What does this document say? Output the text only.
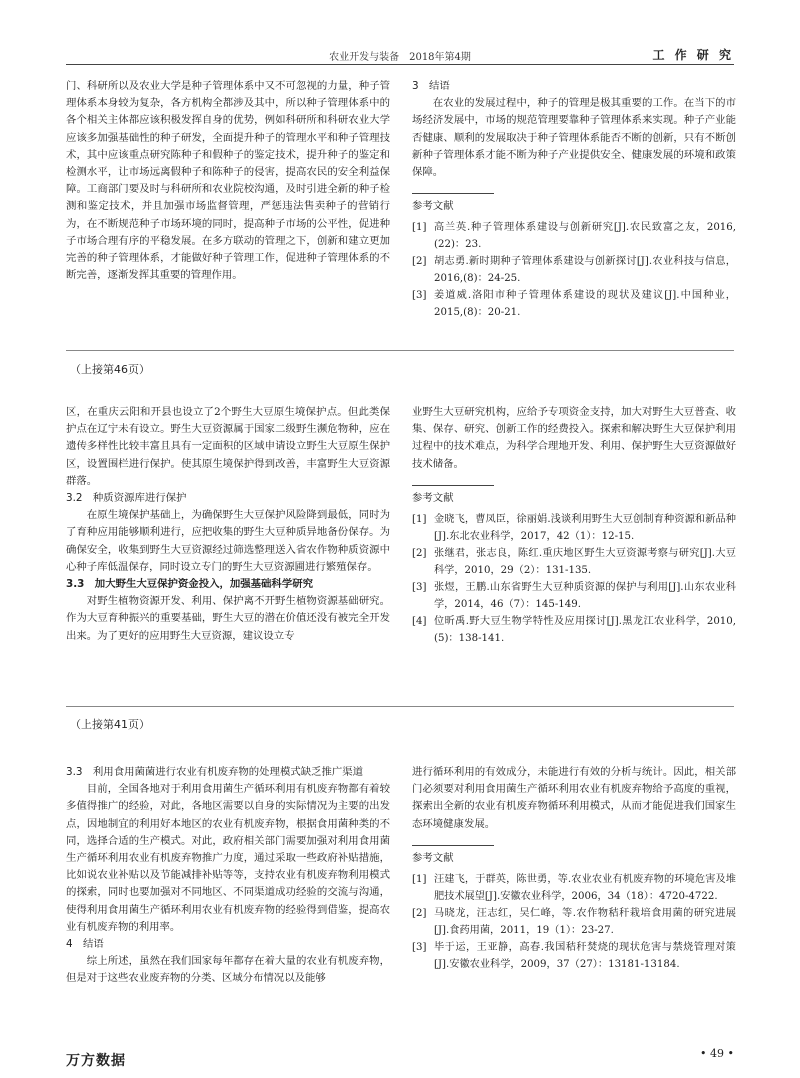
农业开发与装备　2018年第4期	工 作 研 究

门、科研所以及农业大学是种子管理体系中又不可忽视的力量，种子管理体系本身较为复杂，各方机构全都涉及其中，所以种子管理体系中的各个相关主体都应该积极发挥自身的优势，例如科研所和科研农业大学应该多加强基础性的种子研发，全面提升种子的管理水平和种子管理技术，其中应该重点研究陈种子和假种子的鉴定技术，提升种子的鉴定和检测水平，让市场远离假种子和陈种子的侵害，提高农民的安全利益保障。工商部门要及时与科研所和农业院校沟通，及时引进全新的种子检测和鉴定技术，并且加强市场监督管理，严惩违法售卖种子的营销行为，在不断规范种子市场环境的同时，提高种子市场的公平性，促进种子市场合理有序的平稳发展。在多方联动的管理之下，创新和建立更加完善的种子管理体系，才能做好种子管理工作，促进种子管理体系的不断完善，逐渐发挥其重要的管理作用。

3　结语

在农业的发展过程中，种子的管理是极其重要的工作。在当下的市场经济发展中，市场的规范管理要靠种子管理体系来实现。种子产业能否健康、顺利的发展取决于种子管理体系能否不断的创新，只有不断创新种子管理体系才能不断为种子产业提供安全、健康发展的环境和政策保障。

参考文献
[1] 高兰英.种子管理体系建设与创新研究[J].农民致富之友，2016,(22)：23.
[2] 胡志勇.新时期种子管理体系建设与创新探讨[J].农业科技与信息，2016,(8)：24-25.
[3] 姜道威.洛阳市种子管理体系建设的现状及建议[J].中国种业，2015,(8)：20-21.
（上接第46页）

区，在重庆云阳和开县也设立了2个野生大豆原生境保护点。但此类保护点在辽宁未有设立。野生大豆资源属于国家二级野生濒危物种，应在遗传多样性比较丰富且具有一定面积的区域申请设立野生大豆原生保护区，设置围栏进行保护。使其原生境保护得到改善，丰富野生大豆资源群落。

3.2　种质资源库进行保护

在原生境保护基础上，为确保野生大豆保护风险降到最低，同时为了育种应用能够顺利进行，应把收集的野生大豆种质异地备份保存。为确保安全，收集到野生大豆资源经过筛选整理送入省农作物种质资源中心种子库低温保存，同时设立专门的野生大豆资源圃进行繁殖保存。

3.3　加大野生大豆保护资金投入，加强基础科学研究

对野生植物资源开发、利用、保护离不开野生植物资源基础研究。作为大豆育种振兴的重要基础，野生大豆的潜在价值还没有被完全开发出来。为了更好的应用野生大豆资源，建议设立专

业野生大豆研究机构，应给予专项资金支持，加大对野生大豆普查、收集、保存、研究、创新工作的经费投入。探索和解决野生大豆保护利用过程中的技术难点，为科学合理地开发、利用、保护野生大豆资源做好技术储备。

参考文献
[1] 金晓飞，曹凤臣，徐丽娟.浅谈利用野生大豆创制育种资源和新品种[J].东北农业科学，2017，42（1）：12-15.
[2] 张继君，张志良，陈红.重庆地区野生大豆资源考察与研究[J].大豆科学，2010，29（2）：131-135.
[3] 张煜，王鹏.山东省野生大豆种质资源的保护与利用[J].山东农业科学，2014，46（7）：145-149.
[4] 位昕禹.野大豆生物学特性及应用探讨[J].黑龙江农业科学，2010,(5)：138-141.
（上接第41页）

3.3　利用食用菌菌进行农业有机废弃物的处理模式缺乏推广渠道

目前，全国各地对于利用食用菌生产循环利用有机废弃物都有着较多值得推广的经验，对此，各地区需要以自身的实际情况为主要的出发点，因地制宜的利用好本地区的农业有机废弃物，根据食用菌种类的不同，选择合适的生产模式。对此，政府相关部门需要加强对利用食用菌生产循环利用农业有机废弃物推广力度，通过采取一些政府补贴措施，比如说农业补贴以及节能减排补贴等等，支持农业有机废弃物利用模式的探索，同时也要加强对不同地区、不同渠道成功经验的交流与沟通，使得利用食用菌生产循环利用农业有机废弃物的经验得到借鉴，提高农业有机废弃物的利用率。

4　结语

综上所述，虽然在我们国家每年都存在着大量的农业有机废弃物，但是对于这些农业废弃物的分类、区域分布情况以及能够

进行循环利用的有效成分，未能进行有效的分析与统计。因此，相关部门必须要对利用食用菌生产循环利用农业有机废弃物给予高度的重视，探索出全新的农业有机废弃物循环利用模式，从而才能促进我们国家生态环境健康发展。

参考文献
[1] 汪建飞，于群英，陈世勇，等.农业农业有机废弃物的环境危害及堆肥技术展望[J].安徽农业科学，2006，34（18）：4720-4722.
[2] 马晓龙，汪志红，吴仁峰，等.农作物秸秆栽培食用菌的研究进展[J].食药用菌，2011，19（1）：23-27.
[3] 毕于运，王亚静，高春.我国秸秆焚烧的现状危害与禁烧管理对策[J].安徽农业科学，2009，37（27）：13181-13184.
• 49 •
万方数据
